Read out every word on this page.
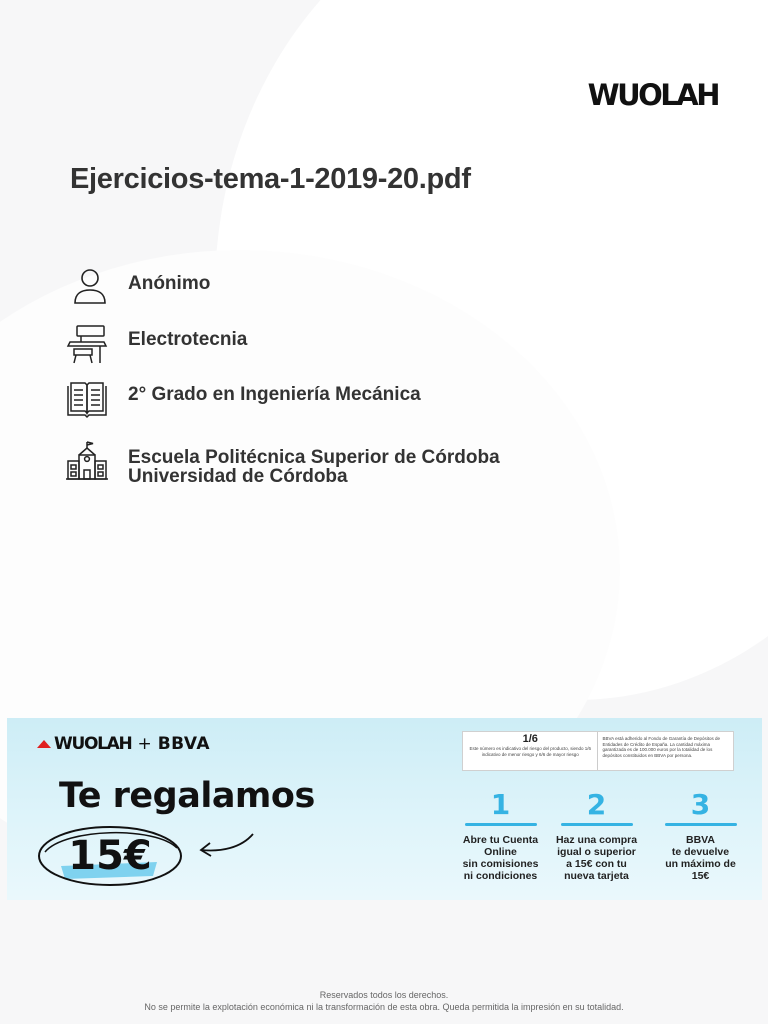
WUOLAH
Ejercicios-tema-1-2019-20.pdf
Anónimo
Electrotecnia
2° Grado en Ingeniería Mecánica
Escuela Politécnica Superior de Córdoba
Universidad de Córdoba
WUOLAH + BBVA
Te regalamos
15€
1/6
Este número es indicativo del riesgo del producto, siendo 1/6 indicativo de menor riesgo y 6/6 de mayor riesgo
BBVA está adherido al Fondo de Garantía de Depósitos de Entidades de Crédito de España. La cantidad máxima garantizada es de 100.000 euros por la totalidad de los depósitos constituidos en BBVA por persona.
1
Abre tu Cuenta
Online
sin comisiones
ni condiciones
2
Haz una compra
igual o superior
a 15€ con tu
nueva tarjeta
3
BBVA
te devuelve
un máximo de
15€
Reservados todos los derechos.
No se permite la explotación económica ni la transformación de esta obra. Queda permitida la impresión en su totalidad.
